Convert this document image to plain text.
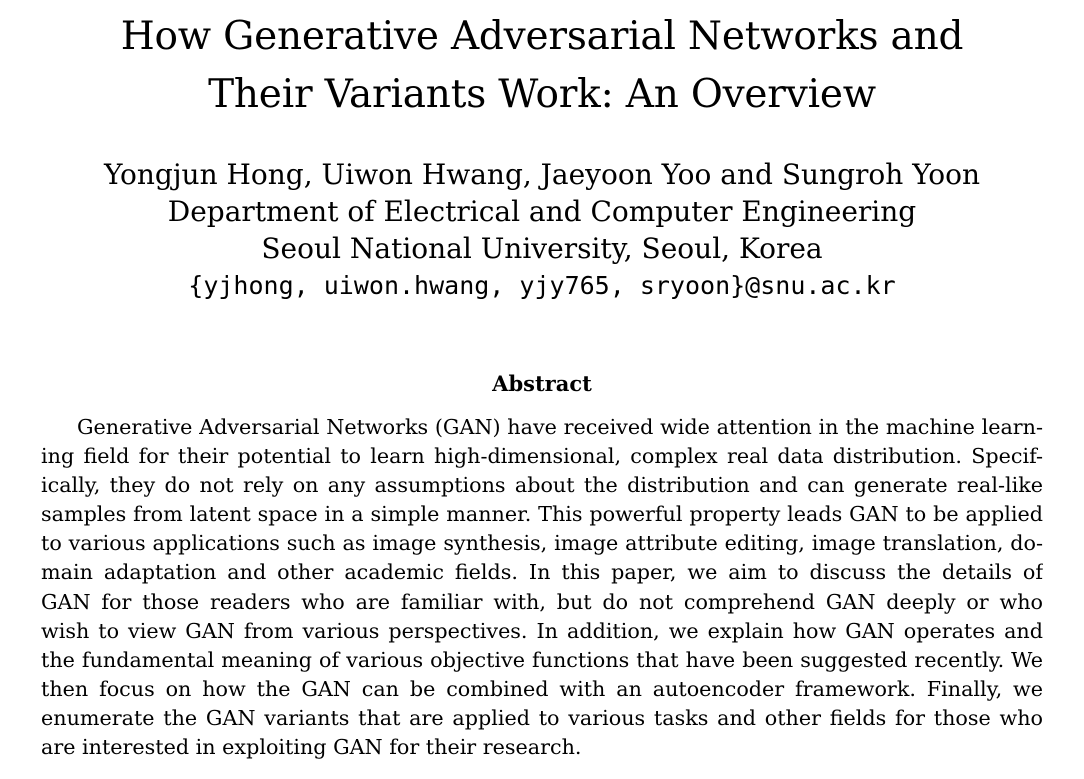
How Generative Adversarial Networks and
Their Variants Work: An Overview
Yongjun Hong, Uiwon Hwang, Jaeyoon Yoo and Sungroh Yoon
Department of Electrical and Computer Engineering
Seoul National University, Seoul, Korea
{yjhong, uiwon.hwang, yjy765, sryoon}@snu.ac.kr
Abstract
Generative Adversarial Networks (GAN) have received wide attention in the machine learn-
ing field for their potential to learn high-dimensional, complex real data distribution. Specif-
ically, they do not rely on any assumptions about the distribution and can generate real-like
samples from latent space in a simple manner. This powerful property leads GAN to be applied
to various applications such as image synthesis, image attribute editing, image translation, do-
main adaptation and other academic fields. In this paper, we aim to discuss the details of
GAN for those readers who are familiar with, but do not comprehend GAN deeply or who
wish to view GAN from various perspectives. In addition, we explain how GAN operates and
the fundamental meaning of various objective functions that have been suggested recently. We
then focus on how the GAN can be combined with an autoencoder framework. Finally, we
enumerate the GAN variants that are applied to various tasks and other fields for those who
are interested in exploiting GAN for their research.
